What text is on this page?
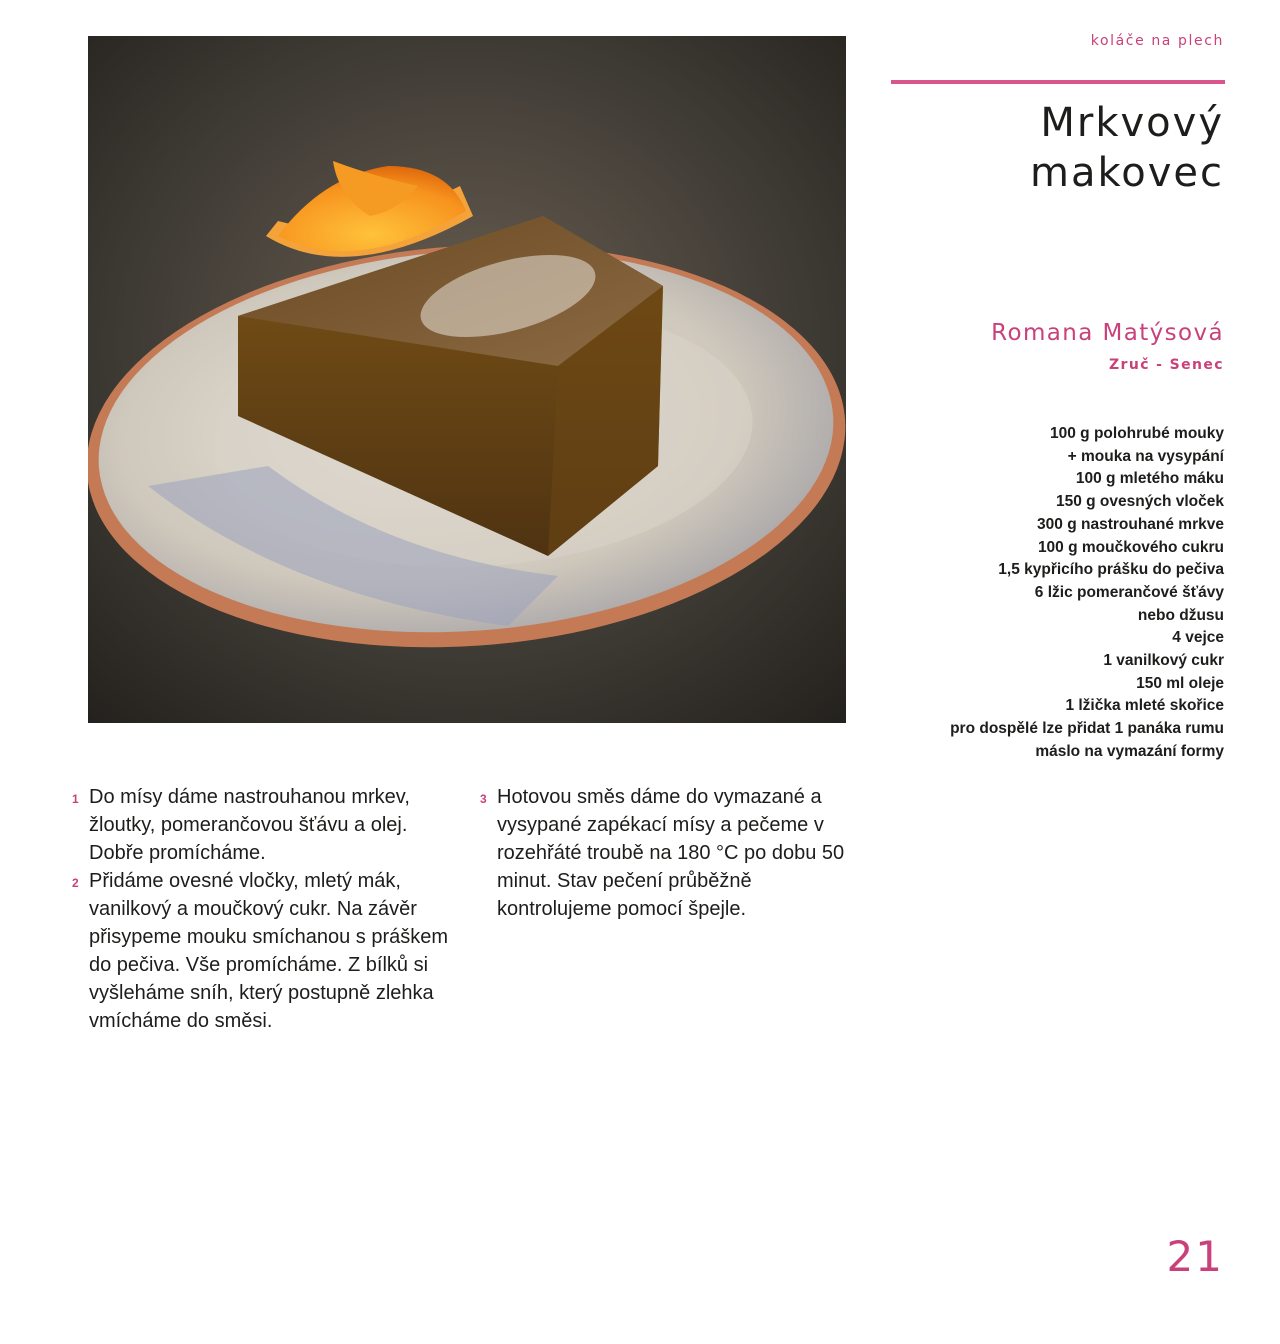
koláče na plech
Mrkvový
makovec
Romana Matýsová
Zruč - Senec
100 g polohrubé mouky
+ mouka na vysypání
100 g mletého máku
150 g ovesných vloček
300 g nastrouhané mrkve
100 g moučkového cukru
1,5 kypřicího prášku do pečiva
6 lžic pomerančové šťávy
nebo džusu
4 vejce
1 vanilkový cukr
150 ml oleje
1 lžička mleté skořice
pro dospělé lze přidat 1 panáka rumu
máslo na vymazání formy
1 Do mísy dáme nastrouhanou mrkev, žloutky, pomerančovou šťávu a olej. Dobře promícháme.
2 Přidáme ovesné vločky, mletý mák, vanilkový a moučkový cukr. Na závěr přisypeme mouku smíchanou s práškem do pečiva. Vše promícháme. Z bílků si vyšleháme sníh, který postupně zlehka vmícháme do směsi.
3 Hotovou směs dáme do vymazané a vysypané zapékací mísy a pečeme v rozehřáté troubě na 180 °C po dobu 50 minut. Stav pečení průběžně kontrolujeme pomocí špejle.
21
